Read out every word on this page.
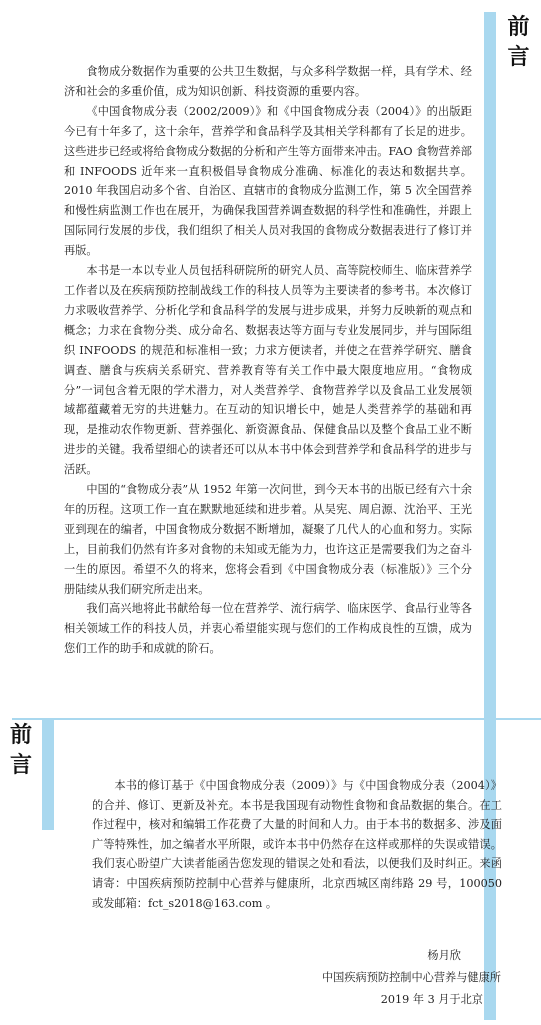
前
言

食物成分数据作为重要的公共卫生数据，与众多科学数据一样，具有学术、经济和社会的多重价值，成为知识创新、科技资源的重要内容。

《中国食物成分表（2002/2009）》和《中国食物成分表（2004）》的出版距今已有十年多了，这十余年，营养学和食品科学及其相关学科都有了长足的进步。这些进步已经或将给食物成分数据的分析和产生等方面带来冲击。FAO 食物营养部和 INFOODS 近年来一直积极倡导食物成分准确、标准化的表达和数据共享。2010 年我国启动多个省、自治区、直辖市的食物成分监测工作，第 5 次全国营养和慢性病监测工作也在展开，为确保我国营养调查数据的科学性和准确性，并跟上国际同行发展的步伐，我们组织了相关人员对我国的食物成分数据表进行了修订并再版。

本书是一本以专业人员包括科研院所的研究人员、高等院校师生、临床营养学工作者以及在疾病预防控制战线工作的科技人员等为主要读者的参考书。本次修订力求吸收营养学、分析化学和食品科学的发展与进步成果，并努力反映新的观点和概念；力求在食物分类、成分命名、数据表达等方面与专业发展同步，并与国际组织 INFOODS 的规范和标准相一致；力求方便读者，并使之在营养学研究、膳食调查、膳食与疾病关系研究、营养教育等有关工作中最大限度地应用。“食物成分”一词包含着无限的学术潜力，对人类营养学、食物营养学以及食品工业发展领域都蕴藏着无穷的共进魅力。在互动的知识增长中，她是人类营养学的基础和再现，是推动农作物更新、营养强化、新资源食品、保健食品以及整个食品工业不断进步的关键。我希望细心的读者还可以从本书中体会到营养学和食品科学的进步与活跃。

中国的“食物成分表”从 1952 年第一次问世，到今天本书的出版已经有六十余年的历程。这项工作一直在默默地延续和进步着。从吴宪、周启源、沈治平、王光亚到现在的编者，中国食物成分数据不断增加，凝聚了几代人的心血和努力。实际上，目前我们仍然有许多对食物的未知或无能为力，也许这正是需要我们为之奋斗一生的原因。希望不久的将来，您将会看到《中国食物成分表（标准版）》三个分册陆续从我们研究所走出来。

我们高兴地将此书献给每一位在营养学、流行病学、临床医学、食品行业等各相关领域工作的科技人员，并衷心希望能实现与您们的工作构成良性的互馈，成为您们工作的助手和成就的阶石。

前
言

本书的修订基于《中国食物成分表（2009）》与《中国食物成分表（2004）》的合并、修订、更新及补充。本书是我国现有动物性食物和食品数据的集合。在工作过程中，核对和编辑工作花费了大量的时间和人力。由于本书的数据多、涉及面广等特殊性，加之编者水平所限，或许本书中仍然存在这样或那样的失误或错误。我们衷心盼望广大读者能函告您发现的错误之处和看法，以便我们及时纠正。来函请寄：中国疾病预防控制中心营养与健康所，北京西城区南纬路 29 号，100050 或发邮箱：fct_s2018@163.com 。

杨月欣
中国疾病预防控制中心营养与健康所
2019 年 3 月于北京
